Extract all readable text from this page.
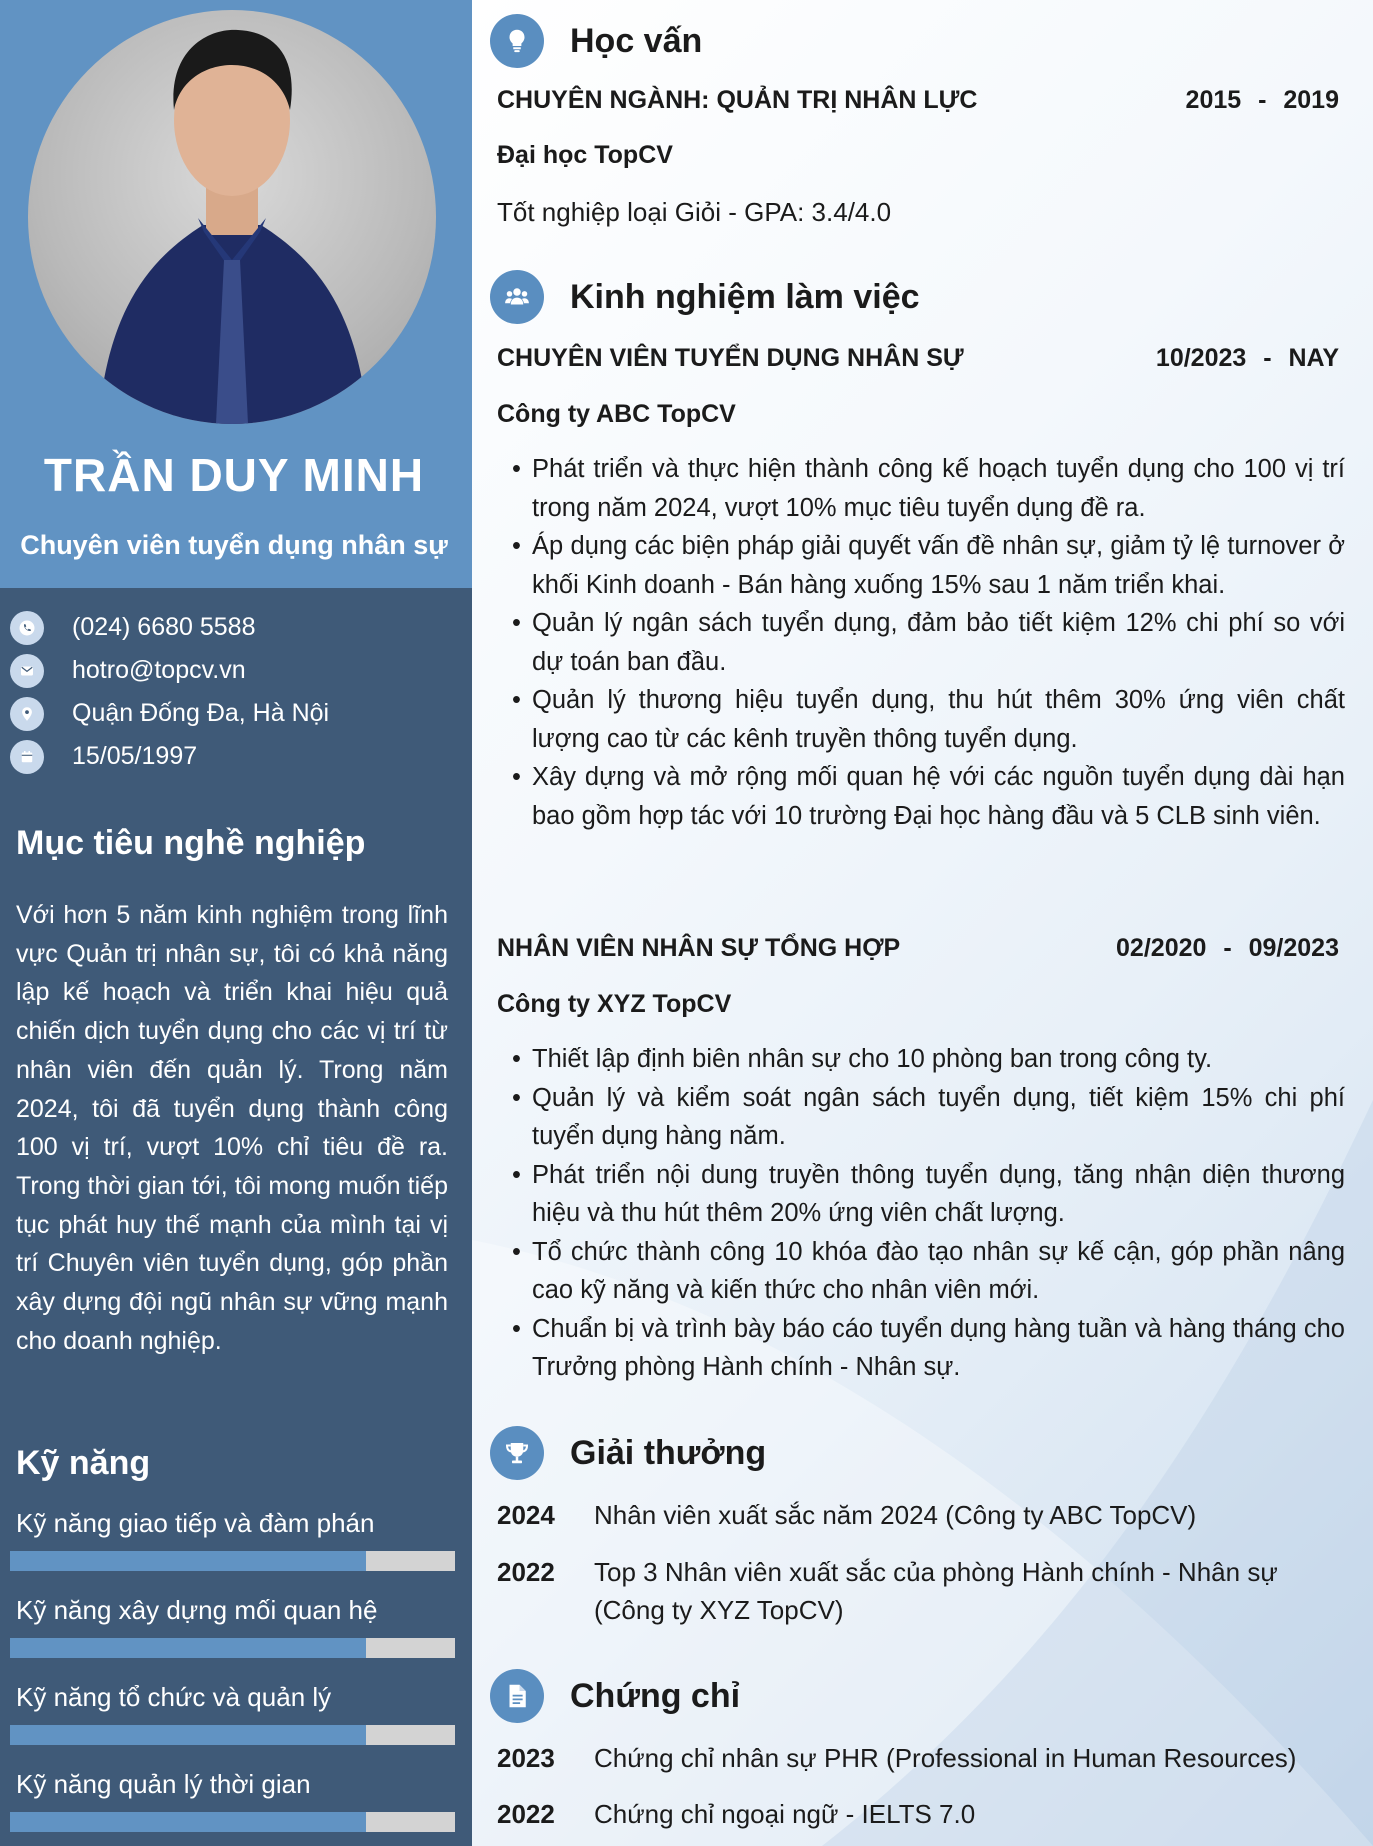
TRẦN DUY MINH
Chuyên viên tuyển dụng nhân sự
(024) 6680 5588
hotro@topcv.vn
Quận Đống Đa, Hà Nội
15/05/1997
Mục tiêu nghề nghiệp
Với hơn 5 năm kinh nghiệm trong lĩnh vực Quản trị nhân sự, tôi có khả năng lập kế hoạch và triển khai hiệu quả chiến dịch tuyển dụng cho các vị trí từ nhân viên đến quản lý. Trong năm 2024, tôi đã tuyển dụng thành công 100 vị trí, vượt 10% chỉ tiêu đề ra. Trong thời gian tới, tôi mong muốn tiếp tục phát huy thế mạnh của mình tại vị trí Chuyên viên tuyển dụng, góp phần xây dựng đội ngũ nhân sự vững mạnh cho doanh nghiệp.
Kỹ năng
Kỹ năng giao tiếp và đàm phán
Kỹ năng xây dựng mối quan hệ
Kỹ năng tổ chức và quản lý
Kỹ năng quản lý thời gian
Học vấn
CHUYÊN NGÀNH: QUẢN TRỊ NHÂN LỰC	2015 - 2019
Đại học TopCV
Tốt nghiệp loại Giỏi - GPA: 3.4/4.0
Kinh nghiệm làm việc
CHUYÊN VIÊN TUYỂN DỤNG NHÂN SỰ	10/2023 - NAY
Công ty ABC TopCV
• Phát triển và thực hiện thành công kế hoạch tuyển dụng cho 100 vị trí trong năm 2024, vượt 10% mục tiêu tuyển dụng đề ra.
• Áp dụng các biện pháp giải quyết vấn đề nhân sự, giảm tỷ lệ turnover ở khối Kinh doanh - Bán hàng xuống 15% sau 1 năm triển khai.
• Quản lý ngân sách tuyển dụng, đảm bảo tiết kiệm 12% chi phí so với dự toán ban đầu.
• Quản lý thương hiệu tuyển dụng, thu hút thêm 30% ứng viên chất lượng cao từ các kênh truyền thông tuyển dụng.
• Xây dựng và mở rộng mối quan hệ với các nguồn tuyển dụng dài hạn bao gồm hợp tác với 10 trường Đại học hàng đầu và 5 CLB sinh viên.
NHÂN VIÊN NHÂN SỰ TỔNG HỢP	02/2020 - 09/2023
Công ty XYZ TopCV
• Thiết lập định biên nhân sự cho 10 phòng ban trong công ty.
• Quản lý và kiểm soát ngân sách tuyển dụng, tiết kiệm 15% chi phí tuyển dụng hàng năm.
• Phát triển nội dung truyền thông tuyển dụng, tăng nhận diện thương hiệu và thu hút thêm 20% ứng viên chất lượng.
• Tổ chức thành công 10 khóa đào tạo nhân sự kế cận, góp phần nâng cao kỹ năng và kiến thức cho nhân viên mới.
• Chuẩn bị và trình bày báo cáo tuyển dụng hàng tuần và hàng tháng cho Trưởng phòng Hành chính - Nhân sự.
Giải thưởng
2024	Nhân viên xuất sắc năm 2024 (Công ty ABC TopCV)
2022	Top 3 Nhân viên xuất sắc của phòng Hành chính - Nhân sự (Công ty XYZ TopCV)
Chứng chỉ
2023	Chứng chỉ nhân sự PHR (Professional in Human Resources)
2022	Chứng chỉ ngoại ngữ - IELTS 7.0
